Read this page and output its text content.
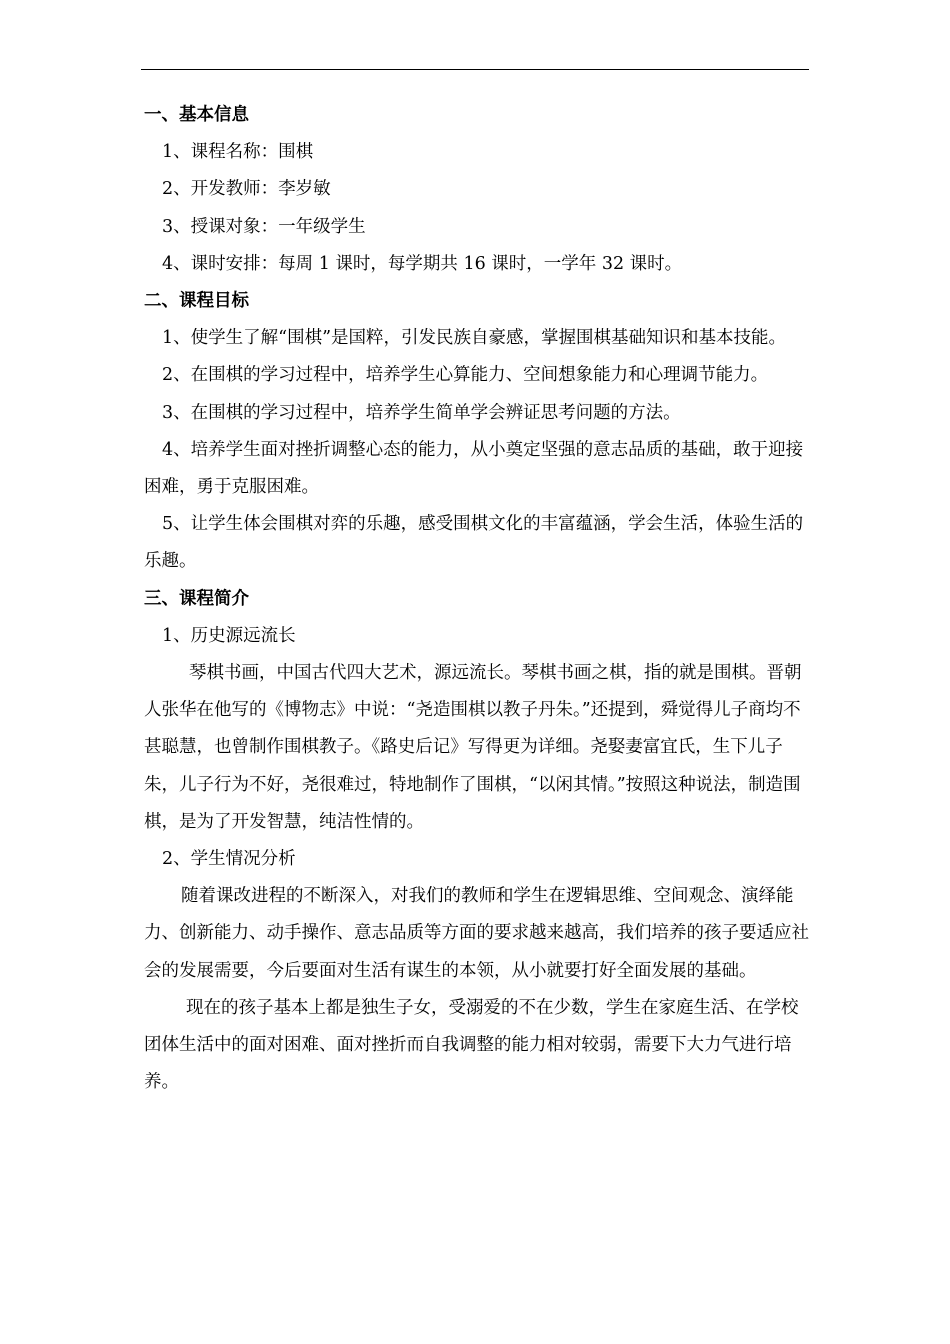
一、基本信息

1、课程名称：围棋

2、开发教师：李岁敏

3、授课对象：一年级学生

4、课时安排：每周 1 课时，每学期共 16 课时，一学年 32 课时。

二、课程目标

1、使学生了解“围棋”是国粹，引发民族自豪感，掌握围棋基础知识和基本技能。

2、在围棋的学习过程中，培养学生心算能力、空间想象能力和心理调节能力。

3、在围棋的学习过程中，培养学生简单学会辨证思考问题的方法。

4、培养学生面对挫折调整心态的能力，从小奠定坚强的意志品质的基础，敢于迎接困难，勇于克服困难。

5、让学生体会围棋对弈的乐趣，感受围棋文化的丰富蕴涵，学会生活，体验生活的乐趣。

三、课程简介

1、历史源远流长

琴棋书画，中国古代四大艺术，源远流长。琴棋书画之棋，指的就是围棋。晋朝人张华在他写的《博物志》中说：“尧造围棋以教子丹朱。”还提到，舜觉得儿子商均不甚聪慧，也曾制作围棋教子。《路史后记》写得更为详细。尧娶妻富宜氏，生下儿子朱，儿子行为不好，尧很难过，特地制作了围棋，“以闲其情。”按照这种说法，制造围棋，是为了开发智慧，纯洁性情的。

2、学生情况分析

随着课改进程的不断深入，对我们的教师和学生在逻辑思维、空间观念、演绎能力、创新能力、动手操作、意志品质等方面的要求越来越高，我们培养的孩子要适应社会的发展需要，今后要面对生活有谋生的本领，从小就要打好全面发展的基础。

现在的孩子基本上都是独生子女，受溺爱的不在少数，学生在家庭生活、在学校团体生活中的面对困难、面对挫折而自我调整的能力相对较弱，需要下大力气进行培养。
